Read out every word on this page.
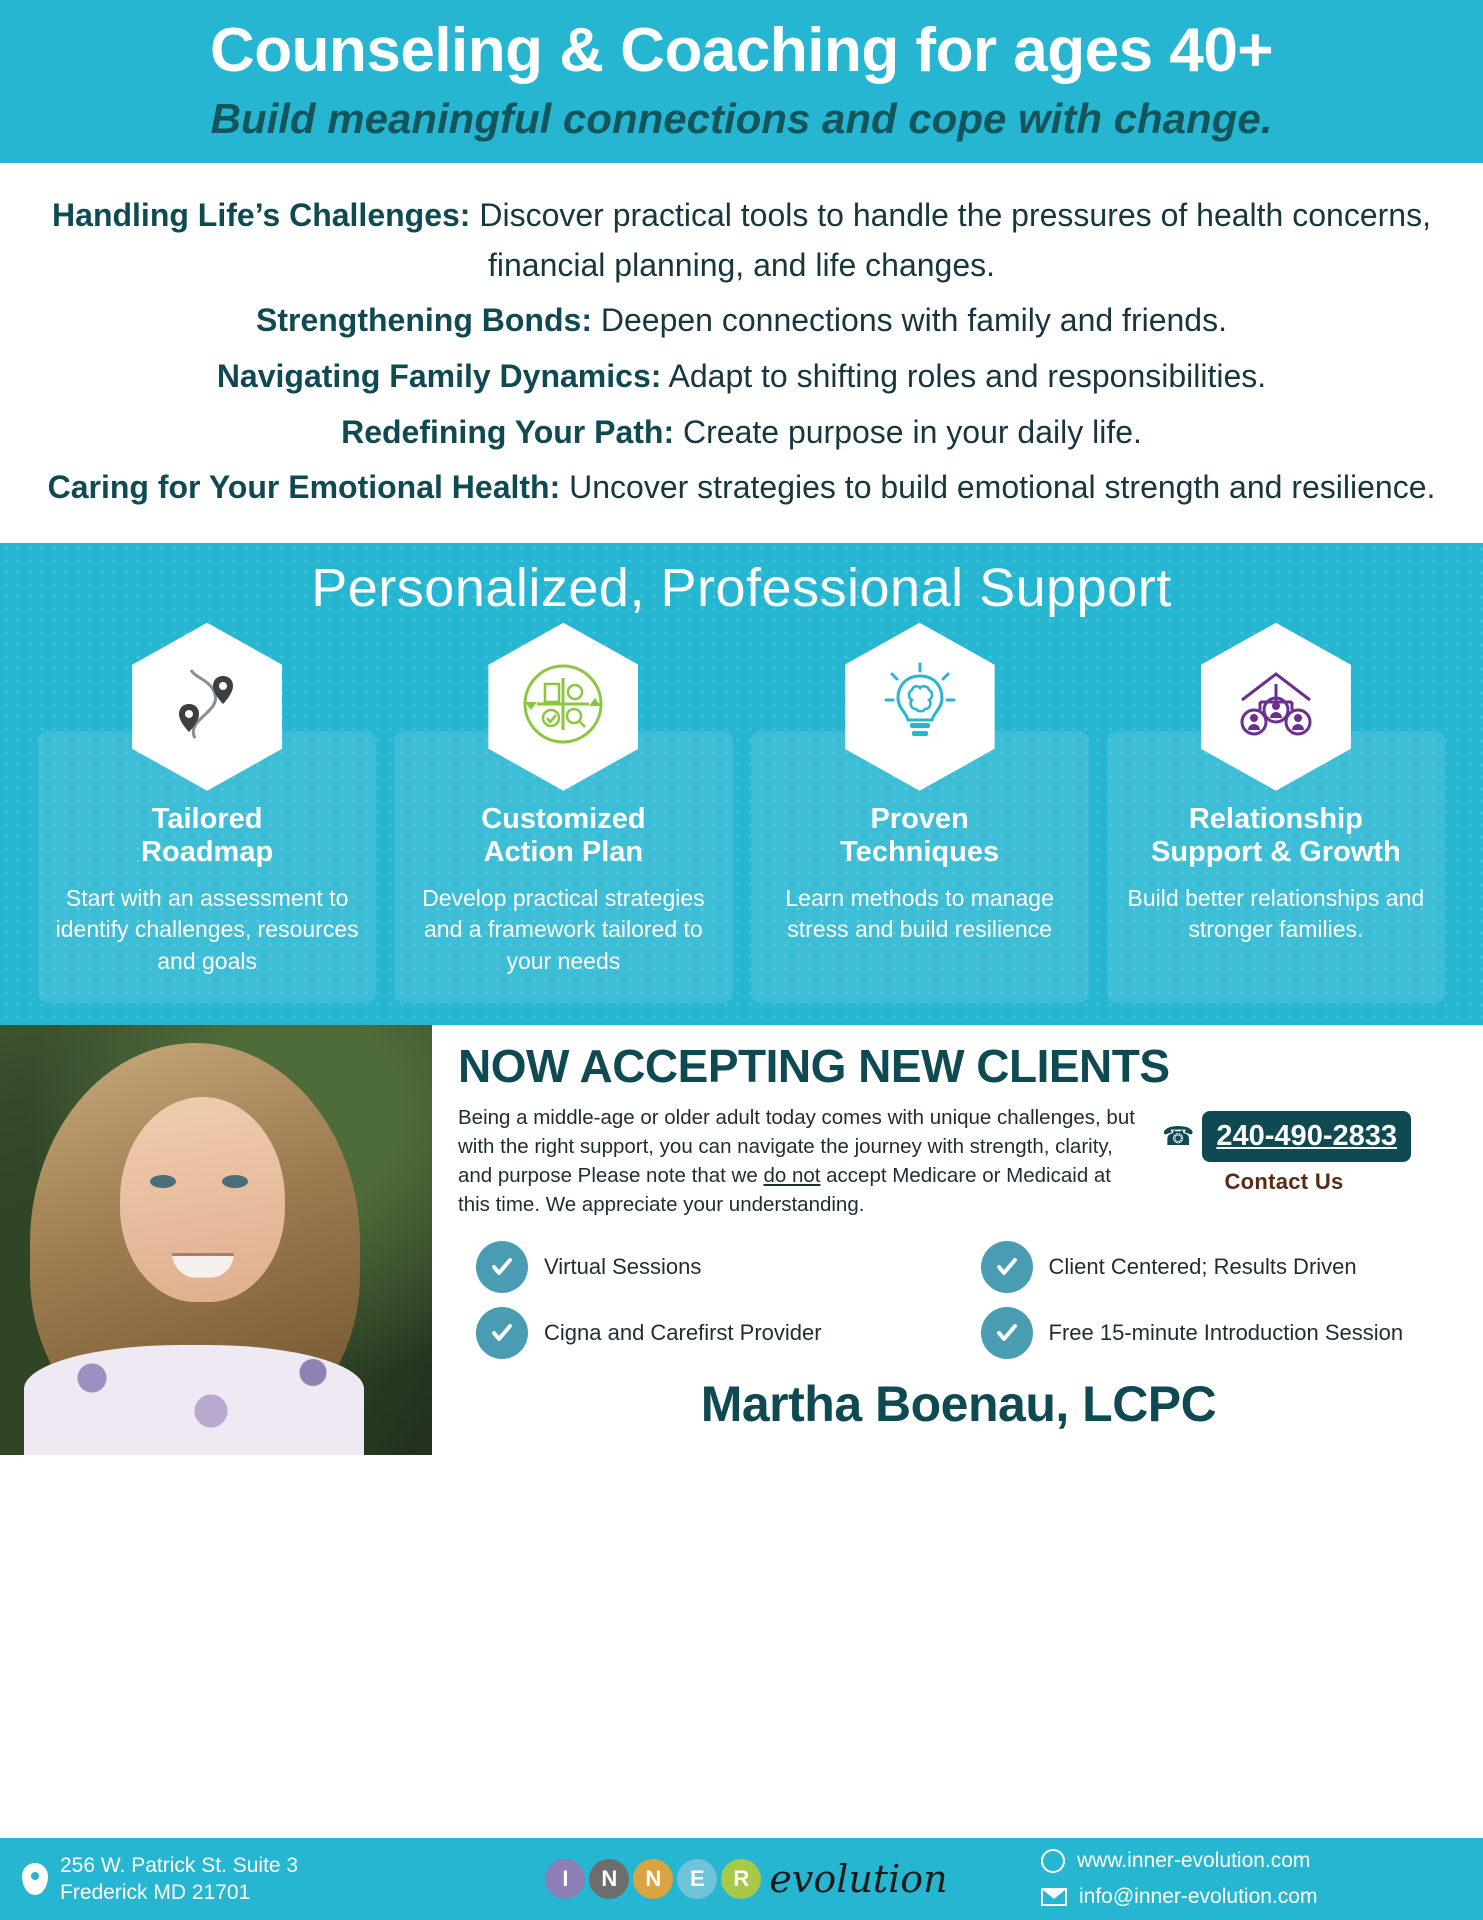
Counseling & Coaching for ages 40+
Build meaningful connections and cope with change.

Handling Life’s Challenges: Discover practical tools to handle the pressures of health concerns, financial planning, and life changes.

Strengthening Bonds: Deepen connections with family and friends.

Navigating Family Dynamics: Adapt to shifting roles and responsibilities.

Redefining Your Path: Create purpose in your daily life.

Caring for Your Emotional Health: Uncover strategies to build emotional strength and resilience.

Personalized, Professional Support
Tailored
Roadmap
Start with an assessment to identify challenges, resources and goals
Customized
Action Plan
Develop practical strategies and a framework tailored to your needs
Proven
Techniques
Learn methods to manage stress and build resilience
Relationship
Support & Growth
Build better relationships and stronger families.
NOW ACCEPTING NEW CLIENTS
Being a middle-age or older adult today comes with unique challenges, but with the right support, you can navigate the journey with strength, clarity, and purpose Please note that we do not accept Medicare or Medicaid at this time. We appreciate your understanding.
☎ 240-490-2833
Contact Us
Virtual Sessions	Client Centered; Results Driven
Cigna and Carefirst Provider	Free 15-minute Introduction Session
Martha Boenau, LCPC
256 W. Patrick St. Suite 3
Frederick MD 21701
I	N	N	E	R evolution	www.inner-evolution.com
info@inner-evolution.com
